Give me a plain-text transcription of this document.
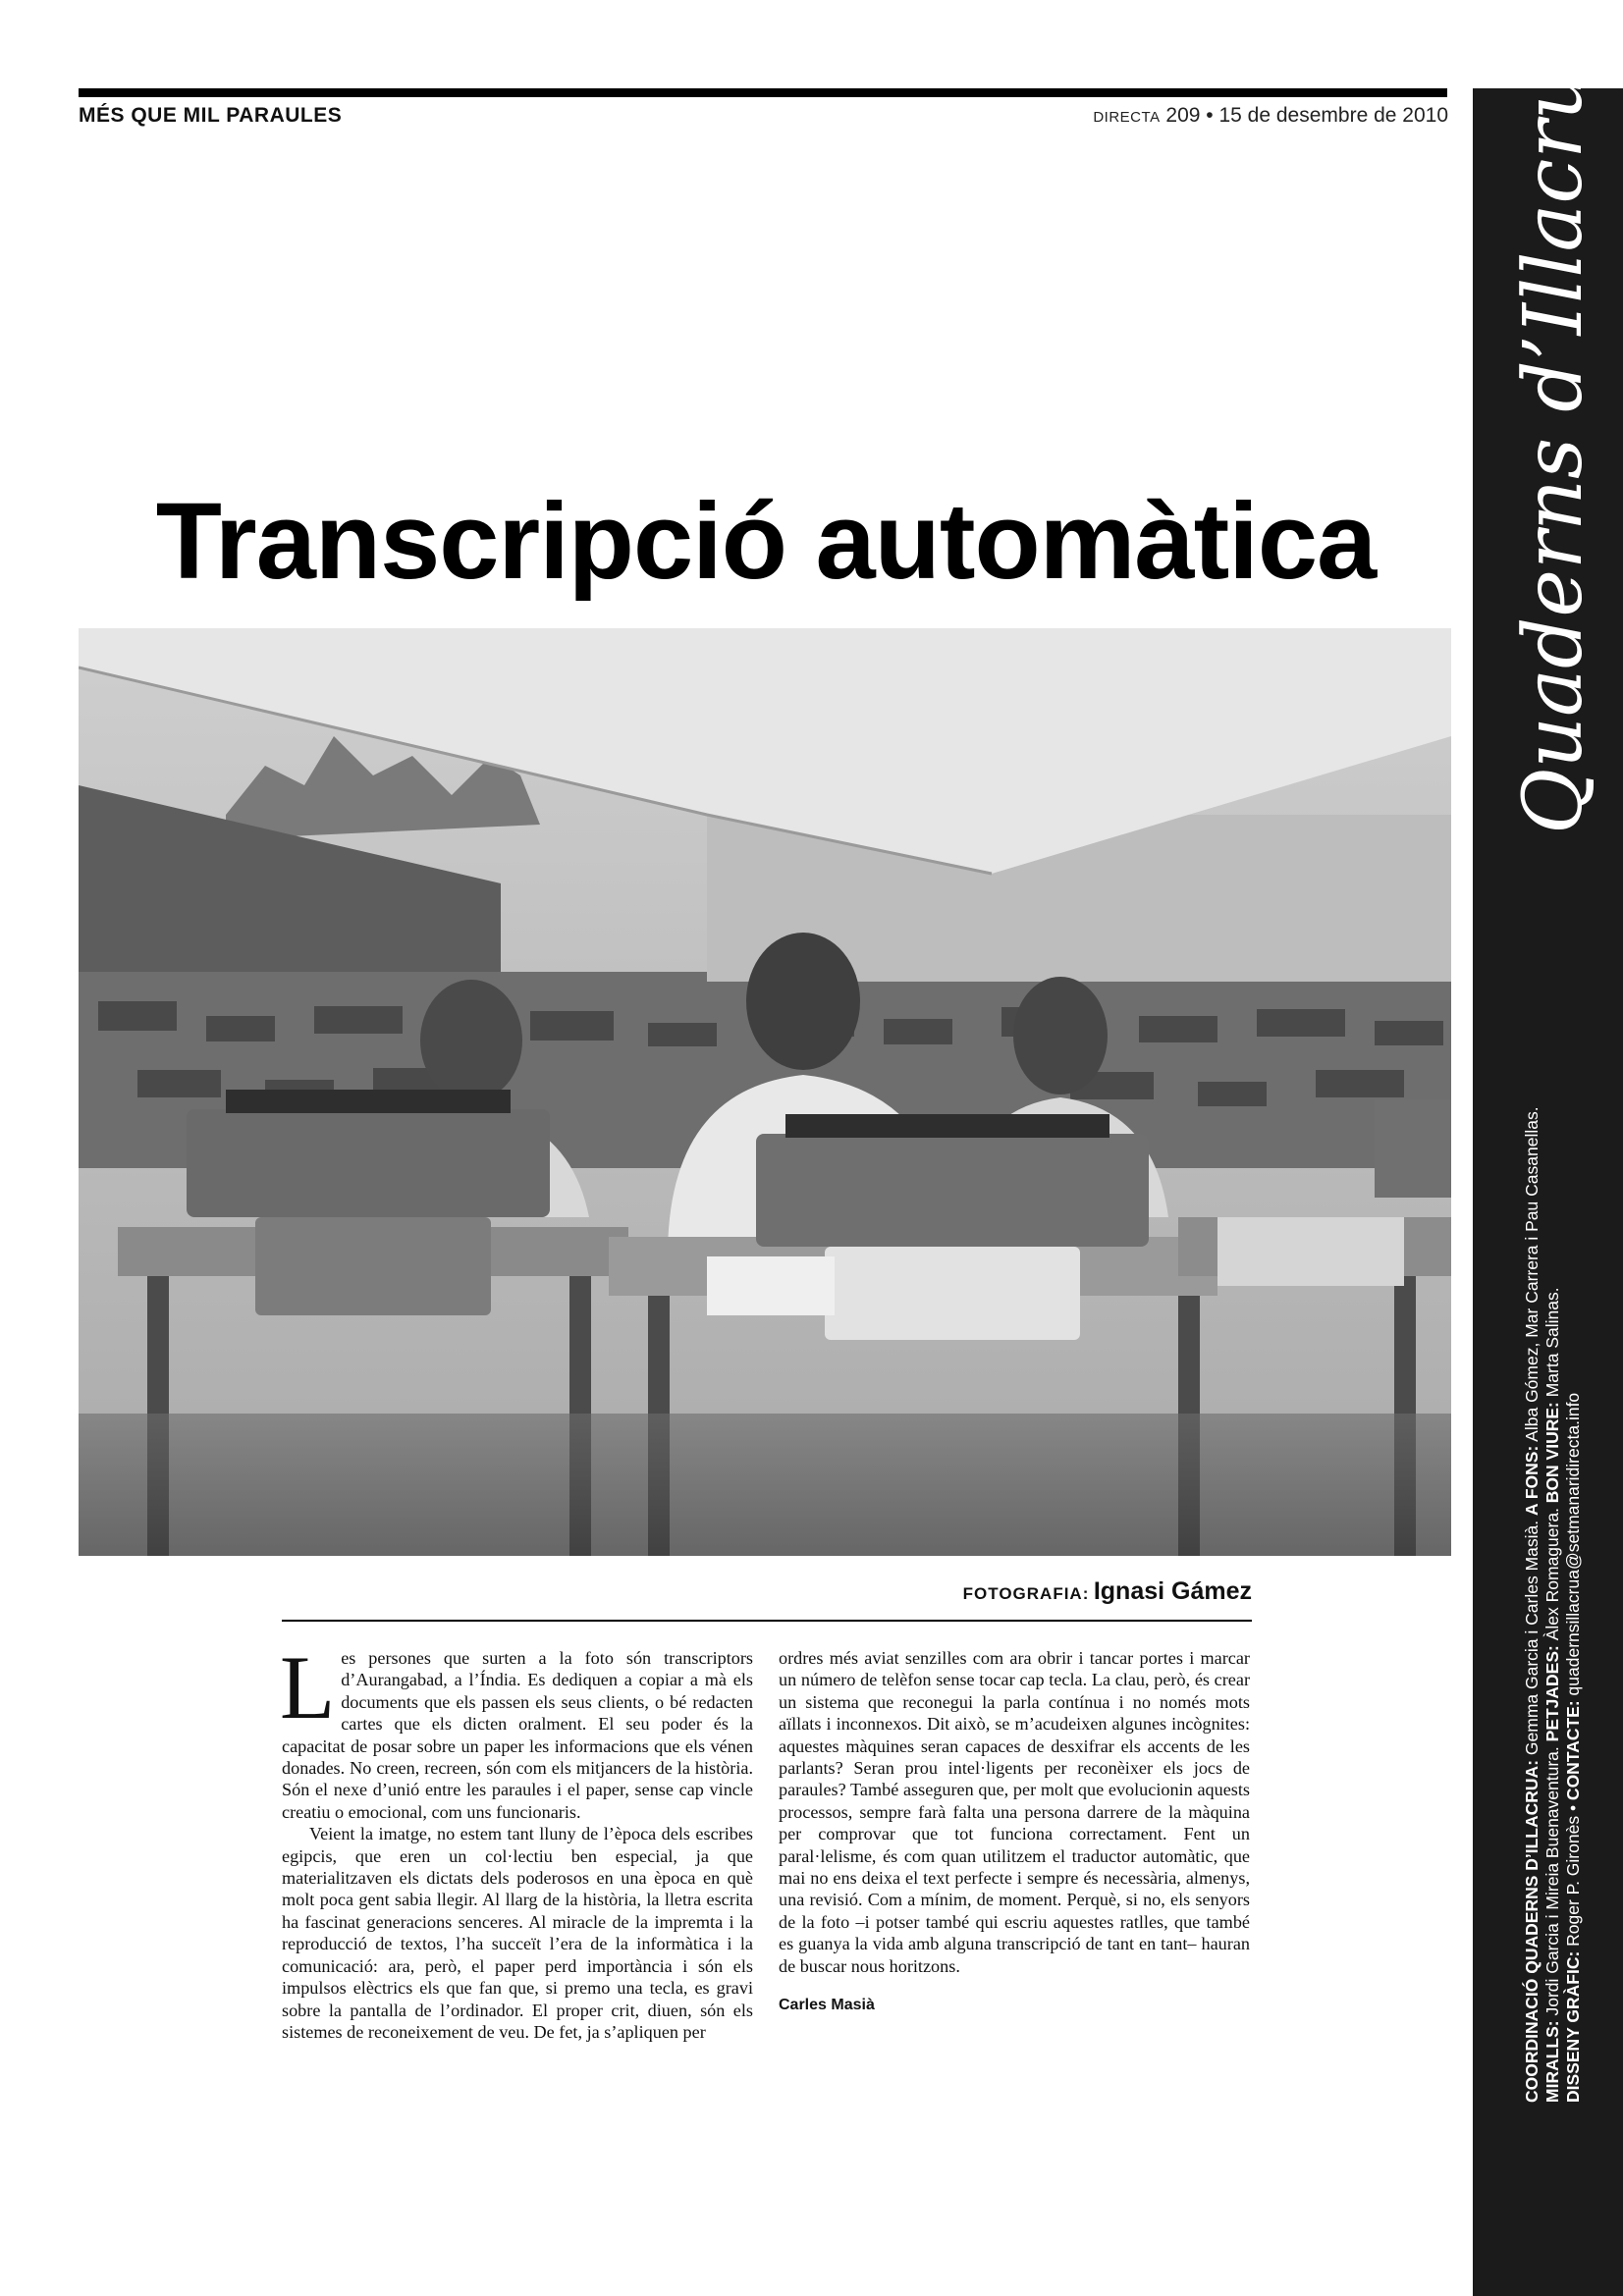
MÉS QUE MIL PARAULES	DIRECTA 209 • 15 de desembre de 2010 Quaderns d’Illacrua
COORDINACIÓ QUADERNS D’ILLACRUA: Gemma Garcia i Carles Masià. A FONS: Alba Gómez, Mar Carrera i Pau Casanellas.
MIRALLS: Jordi Garcia i Mireia Buenaventura. PETJADES: Àlex Romaguera. BON VIURE: Marta Salinas.
DISSENY GRÀFIC: Roger P. Gironès • CONTACTE: quadernsillacrua@setmanaridirecta.info
Transcripció automàtica
FOTOGRAFIA: Ignasi Gámez

Les persones que surten a la foto són transcriptors d’Aurangabad, a l’Índia. Es dediquen a copiar a mà els documents que els passen els seus clients, o bé redacten cartes que els dicten oralment. El seu poder és la capacitat de posar sobre un paper les informacions que els vénen donades. No creen, recreen, són com els mitjancers de la història. Són el nexe d’unió entre les paraules i el paper, sense cap vincle creatiu o emocional, com uns funcionaris.

Veient la imatge, no estem tant lluny de l’època dels escribes egipcis, que eren un col·lectiu ben especial, ja que materialitzaven els dictats dels poderosos en una època en què molt poca gent sabia llegir. Al llarg de la història, la lletra escrita ha fascinat generacions senceres. Al miracle de la impremta i la reproducció de textos, l’ha succeït l’era de la informàtica i la comunicació: ara, però, el paper perd importància i són els impulsos elèctrics els que fan que, si premo una tecla, es gravi sobre la pantalla de l’ordinador. El proper crit, diuen, són els sistemes de reconeixement de veu. De fet, ja s’apliquen per

ordres més aviat senzilles com ara obrir i tancar portes i marcar un número de telèfon sense tocar cap tecla. La clau, però, és crear un sistema que reconegui la parla contínua i no només mots aïllats i inconnexos. Dit això, se m’acudeixen algunes incògnites: aquestes màquines seran capaces de desxifrar els accents de les parlants? Seran prou intel·ligents per reconèixer els jocs de paraules? També asseguren que, per molt que evolucionin aquests processos, sempre farà falta una persona darrere de la màquina per comprovar que tot funciona correctament. Fent un paral·lelisme, és com quan utilitzem el traductor automàtic, que mai no ens deixa el text perfecte i sempre és necessària, almenys, una revisió. Com a mínim, de moment. Perquè, si no, els senyors de la foto –i potser també qui escriu aquestes ratlles, que també es guanya la vida amb alguna transcripció de tant en tant– hauran de buscar nous horitzons.

Carles Masià
